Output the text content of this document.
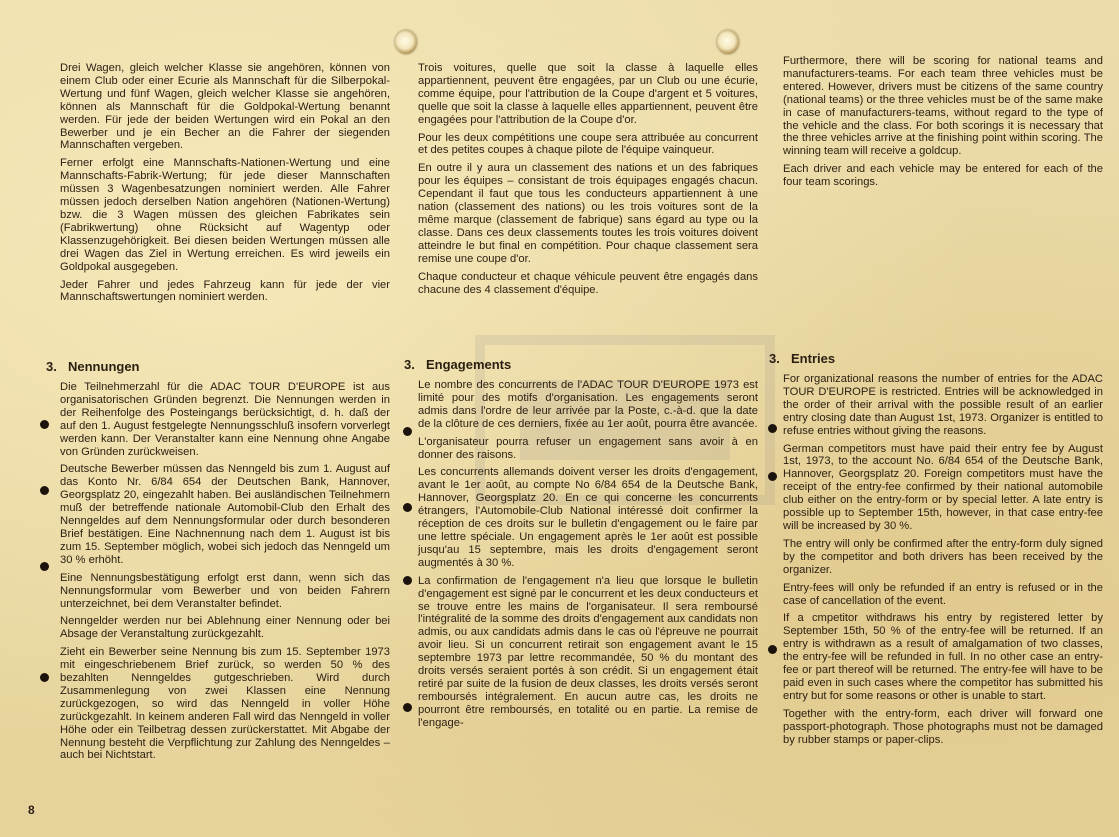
Drei Wagen, gleich welcher Klasse sie angehören, können von einem Club oder einer Ecurie als Mannschaft für die Silberpokal-Wertung und fünf Wagen, gleich welcher Klasse sie angehören, können als Mannschaft für die Goldpokal-Wertung benannt werden. Für jede der beiden Wertungen wird ein Pokal an den Bewerber und je ein Becher an die Fahrer der siegenden Mannschaften vergeben.

Ferner erfolgt eine Mannschafts-Nationen-Wertung und eine Mannschafts-Fabrik-Wertung; für jede dieser Mannschaften müssen 3 Wagenbesatzungen nominiert werden. Alle Fahrer müssen jedoch derselben Nation angehören (Nationen-Wertung) bzw. die 3 Wagen müssen des gleichen Fabrikates sein (Fabrikwertung) ohne Rücksicht auf Wagentyp oder Klassenzugehörigkeit. Bei diesen beiden Wertungen müssen alle drei Wagen das Ziel in Wertung erreichen. Es wird jeweils ein Goldpokal ausgegeben.

Jeder Fahrer und jedes Fahrzeug kann für jede der vier Mannschaftswertungen nominiert werden.

3. Nennungen

Die Teilnehmerzahl für die ADAC TOUR D'EUROPE ist aus organisatorischen Gründen begrenzt. Die Nennungen werden in der Reihenfolge des Posteingangs berücksichtigt, d. h. daß der auf den 1. August festgelegte Nennungsschluß insofern vorverlegt werden kann. Der Veranstalter kann eine Nennung ohne Angabe von Gründen zurückweisen.

Deutsche Bewerber müssen das Nenngeld bis zum 1. August auf das Konto Nr. 6/84 654 der Deutschen Bank, Hannover, Georgsplatz 20, eingezahlt haben. Bei ausländischen Teilnehmern muß der betreffende nationale Automobil-Club den Erhalt des Nenngeldes auf dem Nennungsformular oder durch besonderen Brief bestätigen. Eine Nachnennung nach dem 1. August ist bis zum 15. September möglich, wobei sich jedoch das Nenngeld um 30 % erhöht.

Eine Nennungsbestätigung erfolgt erst dann, wenn sich das Nennungsformular vom Bewerber und von beiden Fahrern unterzeichnet, bei dem Veranstalter befindet.

Nenngelder werden nur bei Ablehnung einer Nennung oder bei Absage der Veranstaltung zurückgezahlt.

Zieht ein Bewerber seine Nennung bis zum 15. September 1973 mit eingeschriebenem Brief zurück, so werden 50 % des bezahlten Nenngeldes gutgeschrieben. Wird durch Zusammenlegung von zwei Klassen eine Nennung zurückgezogen, so wird das Nenngeld in voller Höhe zurückgezahlt. In keinem anderen Fall wird das Nenngeld in voller Höhe oder ein Teilbetrag dessen zurückerstattet. Mit Abgabe der Nennung besteht die Verpflichtung zur Zahlung des Nenngeldes – auch bei Nichtstart.

Trois voitures, quelle que soit la classe à laquelle elles appartiennent, peuvent être engagées, par un Club ou une écurie, comme équipe, pour l'attribution de la Coupe d'argent et 5 voitures, quelle que soit la classe à laquelle elles appartiennent, peuvent être engagées pour l'attribution de la Coupe d'or.

Pour les deux compétitions une coupe sera attribuée au concurrent et des petites coupes à chaque pilote de l'équipe vainqueur.

En outre il y aura un classement des nations et un des fabriques pour les équipes – consistant de trois équipages engagés chacun. Cependant il faut que tous les conducteurs appartiennent à une nation (classement des nations) ou les trois voitures sont de la même marque (classement de fabrique) sans égard au type ou la classe. Dans ces deux classements toutes les trois voitures doivent atteindre le but final en compétition. Pour chaque classement sera remise une coupe d'or.

Chaque conducteur et chaque véhicule peuvent être engagés dans chacune des 4 classement d'équipe.

3. Engagements

Le nombre des concurrents de l'ADAC TOUR D'EUROPE 1973 est limité pour des motifs d'organisation. Les engagements seront admis dans l'ordre de leur arrivée par la Poste, c.-à-d. que la date de la clôture de ces derniers, fixée au 1er août, pourra être avancée.

L'organisateur pourra refuser un engagement sans avoir à en donner des raisons.

Les concurrents allemands doivent verser les droits d'engagement, avant le 1er août, au compte No 6/84 654 de la Deutsche Bank, Hannover, Georgsplatz 20. En ce qui concerne les concurrents étrangers, l'Automobile-Club National intéressé doit confirmer la réception de ces droits sur le bulletin d'engagement ou le faire par une lettre spéciale. Un engagement après le 1er août est possible jusqu'au 15 septembre, mais les droits d'engagement seront augmentés à 30 %.

La confirmation de l'engagement n'a lieu que lorsque le bulletin d'engagement est signé par le concurrent et les deux conducteurs et se trouve entre les mains de l'organisateur. Il sera remboursé l'intégralité de la somme des droits d'engagement aux candidats non admis, ou aux candidats admis dans le cas où l'épreuve ne pourrait avoir lieu. Si un concurrent retirait son engagement avant le 15 septembre 1973 par lettre recommandée, 50 % du montant des droits versés seraient portés à son crédit. Si un engagement était retiré par suite de la fusion de deux classes, les droits versés seront remboursés intégralement. En aucun autre cas, les droits ne pourront être remboursés, en totalité ou en partie. La remise de l'engage-

Furthermore, there will be scoring for national teams and manufacturers-teams. For each team three vehicles must be entered. However, drivers must be citizens of the same country (national teams) or the three vehicles must be of the same make in case of manufacturers-teams, without regard to the type of the vehicle and the class. For both scorings it is necessary that the three vehicles arrive at the finishing point within scoring. The winning team will receive a goldcup.

Each driver and each vehicle may be entered for each of the four team scorings.

3. Entries

For organizational reasons the number of entries for the ADAC TOUR D'EUROPE is restricted. Entries will be acknowledged in the order of their arrival with the possible result of an earlier entry closing date than August 1st, 1973. Organizer is entitled to refuse entries without giving the reasons.

German competitors must have paid their entry fee by August 1st, 1973, to the account No. 6/84 654 of the Deutsche Bank, Hannover, Georgsplatz 20. Foreign competitors must have the receipt of the entry-fee confirmed by their national automobile club either on the entry-form or by special letter. A late entry is possible up to September 15th, however, in that case entry-fee will be increased by 30 %.

The entry will only be confirmed after the entry-form duly signed by the competitor and both drivers has been received by the organizer.

Entry-fees will only be refunded if an entry is refused or in the case of cancellation of the event.

If a cmpetitor withdraws his entry by registered letter by September 15th, 50 % of the entry-fee will be returned. If an entry is withdrawn as a result of amalgamation of two classes, the entry-fee will be refunded in full. In no other case an entry-fee or part thereof will be returned. The entry-fee will have to be paid even in such cases where the competitor has submitted his entry but for some reasons or other is unable to start.

Together with the entry-form, each driver will forward one passport-photograph. Those photographs must not be damaged by rubber stamps or paper-clips.

8
